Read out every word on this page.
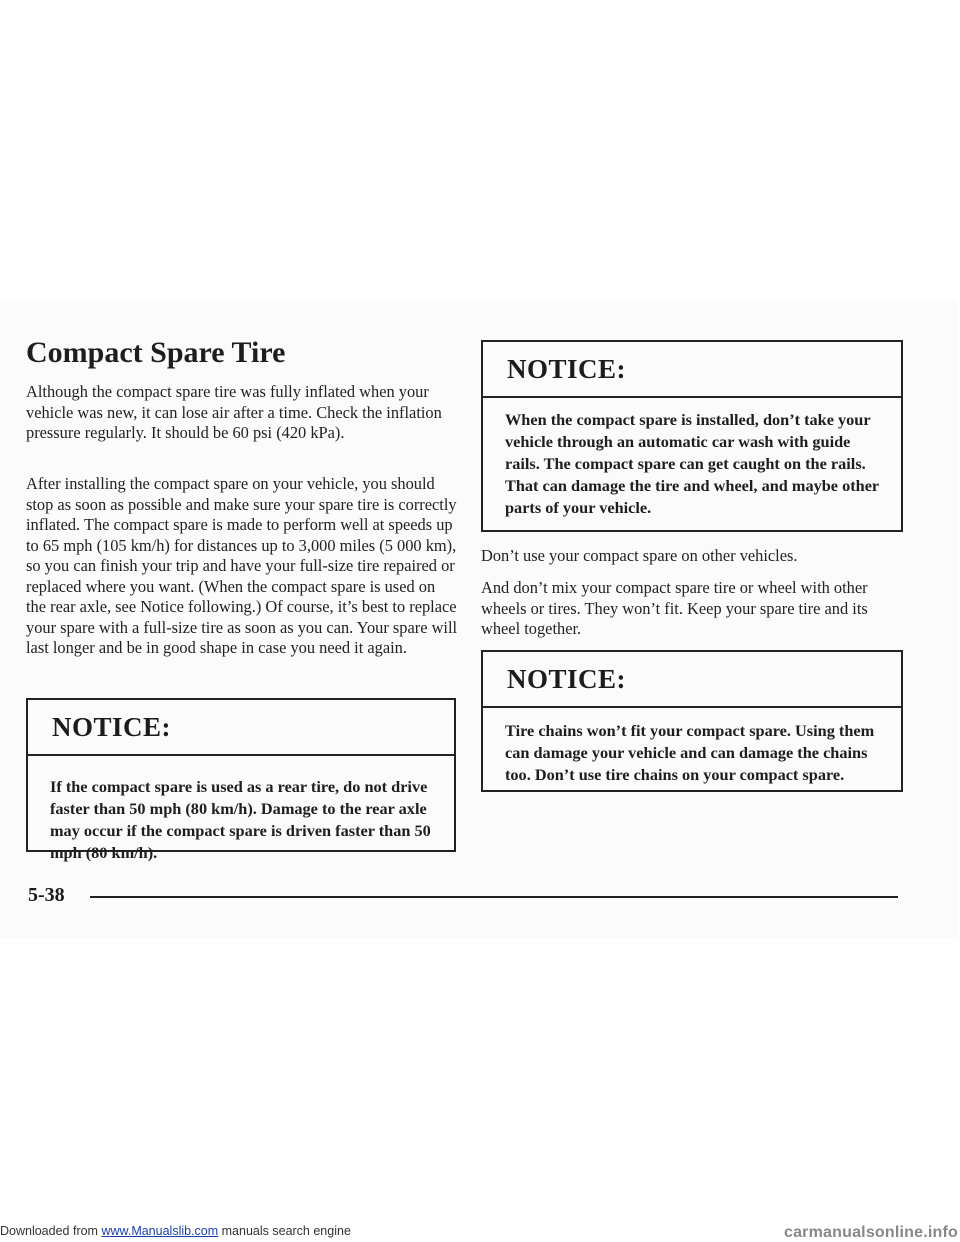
Compact Spare Tire

Although the compact spare tire was fully inflated when your vehicle was new, it can lose air after a time. Check the inflation pressure regularly. It should be 60 psi (420 kPa).

After installing the compact spare on your vehicle, you should stop as soon as possible and make sure your spare tire is correctly inflated. The compact spare is made to perform well at speeds up to 65 mph (105 km/h) for distances up to 3,000 miles (5 000 km), so you can finish your trip and have your full-size tire repaired or replaced where you want. (When the compact spare is used on the rear axle, see Notice following.) Of course, it’s best to replace your spare with a full-size tire as soon as you can. Your spare will last longer and be in good shape in case you need it again.

NOTICE:

If the compact spare is used as a rear tire, do not drive faster than 50 mph (80 km/h). Damage to the rear axle may occur if the compact spare is driven faster than 50 mph (80 km/h).

NOTICE:

When the compact spare is installed, don’t take your vehicle through an automatic car wash with guide rails. The compact spare can get caught on the rails. That can damage the tire and wheel, and maybe other parts of your vehicle.

Don’t use your compact spare on other vehicles.

And don’t mix your compact spare tire or wheel with other wheels or tires. They won’t fit. Keep your spare tire and its wheel together.

NOTICE:

Tire chains won’t fit your compact spare. Using them can damage your vehicle and can damage the chains too. Don’t use tire chains on your compact spare.

5-38
Downloaded from www.Manualslib.com manuals search engine	carmanualsonline.info
